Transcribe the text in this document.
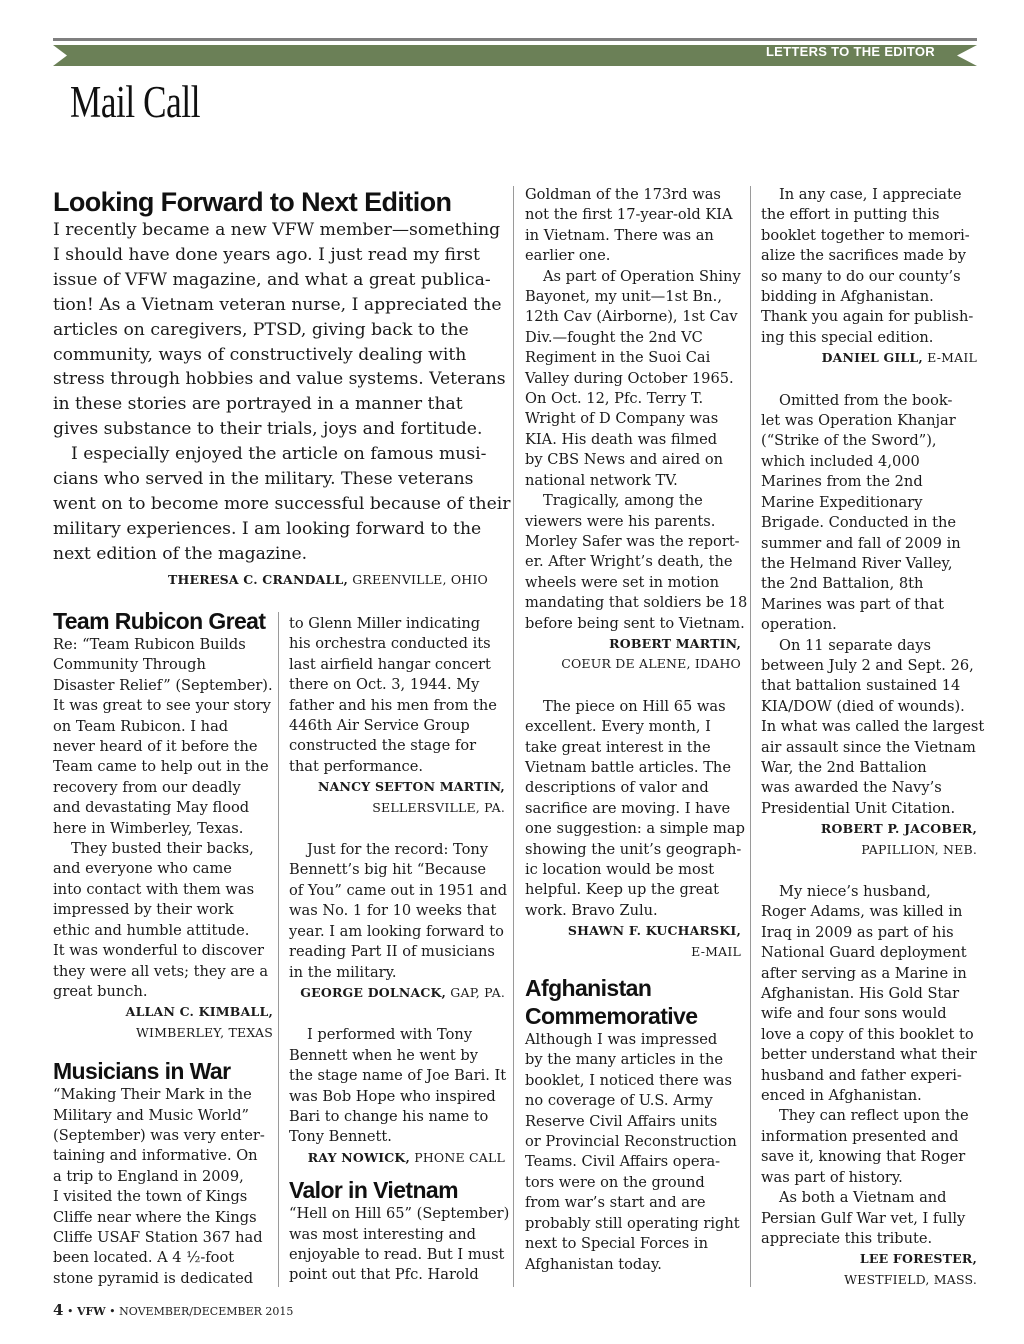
LETTERS TO THE EDITOR
Mail Call
Looking Forward to Next Edition
I recently became a new VFW member—something
I should have done years ago. I just read my first
issue of VFW magazine, and what a great publica-
tion! As a Vietnam veteran nurse, I appreciated the
articles on caregivers, PTSD, giving back to the
community, ways of constructively dealing with
stress through hobbies and value systems. Veterans
in these stories are portrayed in a manner that
gives substance to their trials, joys and fortitude.
I especially enjoyed the article on famous musi-
cians who served in the military. These veterans
went on to become more successful because of their
military experiences. I am looking forward to the
next edition of the magazine.
THERESA C. CRANDALL, GREENVILLE, OHIO
Team Rubicon Great
Re: “Team Rubicon Builds
Community Through
Disaster Relief” (September).
It was great to see your story
on Team Rubicon. I had
never heard of it before the
Team came to help out in the
recovery from our deadly
and devastating May flood
here in Wimberley, Texas.
They busted their backs,
and everyone who came
into contact with them was
impressed by their work
ethic and humble attitude.
It was wonderful to discover
they were all vets; they are a
great bunch.
ALLAN C. KIMBALL,
WIMBERLEY, TEXAS
Musicians in War
“Making Their Mark in the
Military and Music World”
(September) was very enter-
taining and informative. On
a trip to England in 2009,
I visited the town of Kings
Cliffe near where the Kings
Cliffe USAF Station 367 had
been located. A 4 ½-foot
stone pyramid is dedicated
to Glenn Miller indicating
his orchestra conducted its
last airfield hangar concert
there on Oct. 3, 1944. My
father and his men from the
446th Air Service Group
constructed the stage for
that performance.
NANCY SEFTON MARTIN,
SELLERSVILLE, PA.
Just for the record: Tony
Bennett’s big hit “Because
of You” came out in 1951 and
was No. 1 for 10 weeks that
year. I am looking forward to
reading Part II of musicians
in the military.
GEORGE DOLNACK, GAP, PA.
I performed with Tony
Bennett when he went by
the stage name of Joe Bari. It
was Bob Hope who inspired
Bari to change his name to
Tony Bennett.
RAY NOWICK, PHONE CALL
Valor in Vietnam
“Hell on Hill 65” (September)
was most interesting and
enjoyable to read. But I must
point out that Pfc. Harold
Goldman of the 173rd was
not the first 17-year-old KIA
in Vietnam. There was an
earlier one.
As part of Operation Shiny
Bayonet, my unit—1st Bn.,
12th Cav (Airborne), 1st Cav
Div.—fought the 2nd VC
Regiment in the Suoi Cai
Valley during October 1965.
On Oct. 12, Pfc. Terry T.
Wright of D Company was
KIA. His death was filmed
by CBS News and aired on
national network TV.
Tragically, among the
viewers were his parents.
Morley Safer was the report-
er. After Wright’s death, the
wheels were set in motion
mandating that soldiers be 18
before being sent to Vietnam.
ROBERT MARTIN,
COEUR DE ALENE, IDAHO
The piece on Hill 65 was
excellent. Every month, I
take great interest in the
Vietnam battle articles. The
descriptions of valor and
sacrifice are moving. I have
one suggestion: a simple map
showing the unit’s geograph-
ic location would be most
helpful. Keep up the great
work. Bravo Zulu.
SHAWN F. KUCHARSKI,
E-MAIL
Afghanistan
Commemorative
Although I was impressed
by the many articles in the
booklet, I noticed there was
no coverage of U.S. Army
Reserve Civil Affairs units
or Provincial Reconstruction
Teams. Civil Affairs opera-
tors were on the ground
from war’s start and are
probably still operating right
next to Special Forces in
Afghanistan today.
In any case, I appreciate
the effort in putting this
booklet together to memori-
alize the sacrifices made by
so many to do our county’s
bidding in Afghanistan.
Thank you again for publish-
ing this special edition.
DANIEL GILL, E-MAIL
Omitted from the book-
let was Operation Khanjar
(“Strike of the Sword”),
which included 4,000
Marines from the 2nd
Marine Expeditionary
Brigade. Conducted in the
summer and fall of 2009 in
the Helmand River Valley,
the 2nd Battalion, 8th
Marines was part of that
operation.
On 11 separate days
between July 2 and Sept. 26,
that battalion sustained 14
KIA/DOW (died of wounds).
In what was called the largest
air assault since the Vietnam
War, the 2nd Battalion
was awarded the Navy’s
Presidential Unit Citation.
ROBERT P. JACOBER,
PAPILLION, NEB.
My niece’s husband,
Roger Adams, was killed in
Iraq in 2009 as part of his
National Guard deployment
after serving as a Marine in
Afghanistan. His Gold Star
wife and four sons would
love a copy of this booklet to
better understand what their
husband and father experi-
enced in Afghanistan.
They can reflect upon the
information presented and
save it, knowing that Roger
was part of history.
As both a Vietnam and
Persian Gulf War vet, I fully
appreciate this tribute.
LEE FORESTER,
WESTFIELD, MASS.
4 • VFW • NOVEMBER/DECEMBER 2015
